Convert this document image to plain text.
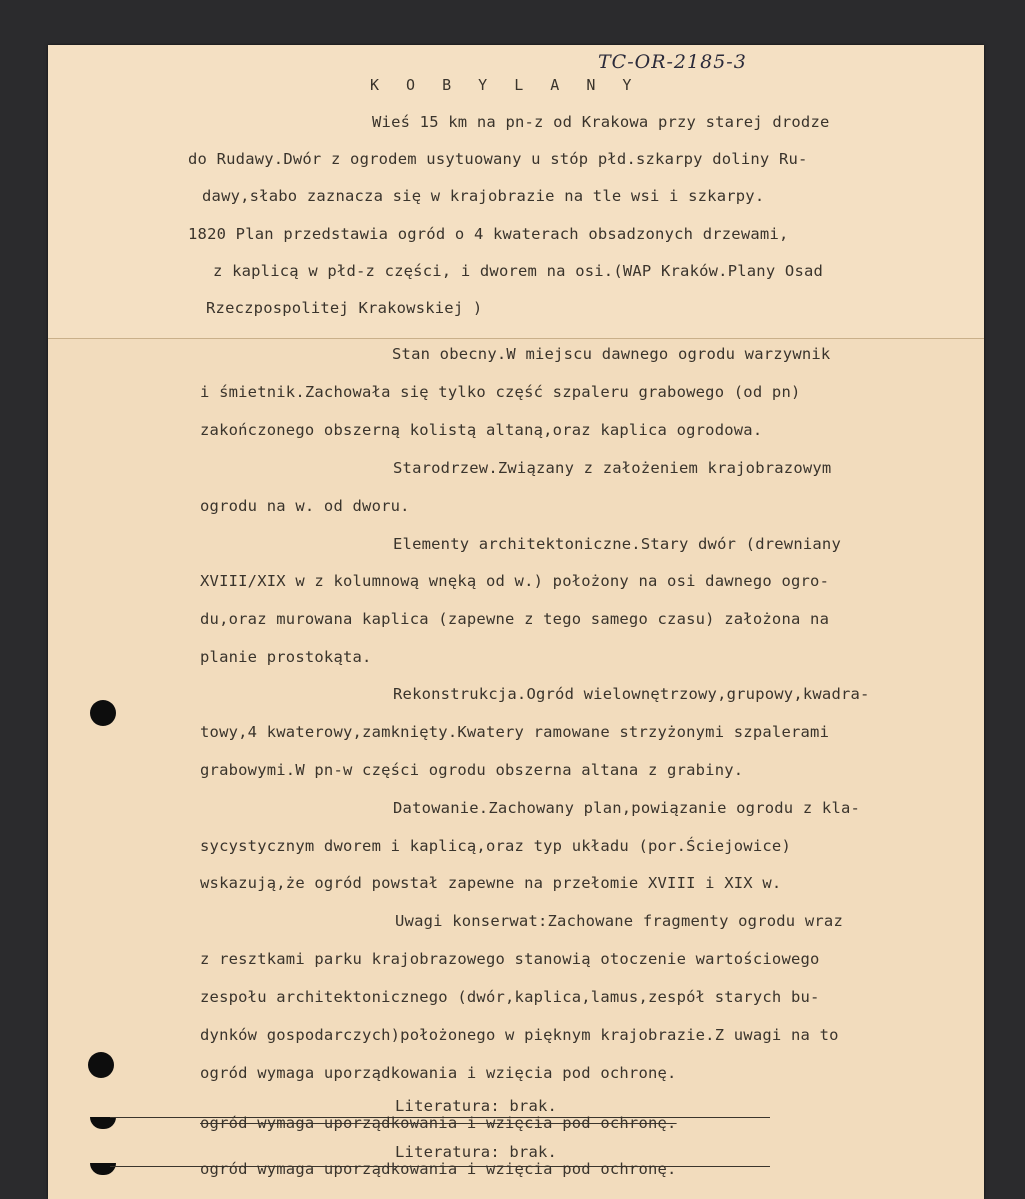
TC-OR-2185-3

K O B Y L A N Y

Wieś 15 km na pn-z od Krakowa przy starej drodze

do Rudawy.Dwór z ogrodem usytuowany u stóp płd.szkarpy doliny Ru-

dawy,słabo zaznacza się w krajobrazie na tle wsi i szkarpy.

1820 Plan przedstawia ogród o 4 kwaterach obsadzonych drzewami,

z kaplicą w płd-z części, i dworem na osi.(WAP Kraków.Plany Osad

Rzeczpospolitej Krakowskiej )

Stan obecny.W miejscu dawnego ogrodu warzywnik

i śmietnik.Zachowała się tylko część szpaleru grabowego (od pn)

zakończonego obszerną kolistą altaną,oraz kaplica ogrodowa.

Starodrzew.Związany z założeniem krajobrazowym

ogrodu na w. od dworu.

Elementy architektoniczne.Stary dwór (drewniany

XVIII/XIX w z kolumnową wnęką od w.) położony na osi dawnego ogro-

du,oraz murowana kaplica (zapewne z tego samego czasu) założona na

planie prostokąta.

Rekonstrukcja.Ogród wielownętrzowy,grupowy,kwadra-

towy,4 kwaterowy,zamknięty.Kwatery ramowane strzyżonymi szpalerami

grabowymi.W pn-w części ogrodu obszerna altana z grabiny.

Datowanie.Zachowany plan,powiązanie ogrodu z kla-

sycystycznym dworem i kaplicą,oraz typ układu (por.Ściejowice)

wskazują,że ogród powstał zapewne na przełomie XVIII i XIX w.

Uwagi konserwat:Zachowane fragmenty ogrodu wraz

z resztkami parku krajobrazowego stanowią otoczenie wartościowego

zespołu architektonicznego (dwór,kaplica,lamus,zespół starych bu-

dynków gospodarczych)położonego w pięknym krajobrazie.Z uwagi na to

ogród wymaga uporządkowania i wzięcia pod ochronę.

Literatura: brak.

ogród wymaga uporządkowania i wzięcia pod ochronę.

Literatura: brak.

ogród wymaga uporządkowania i wzięcia pod ochronę.
